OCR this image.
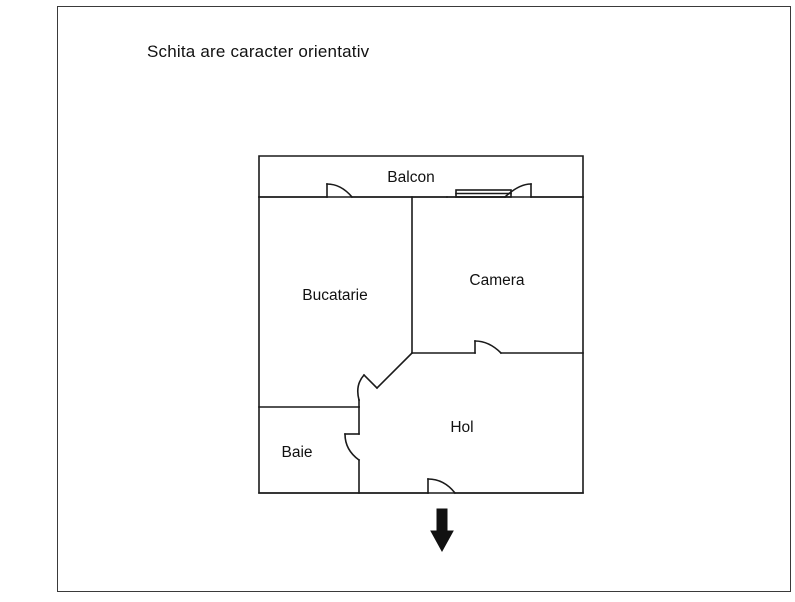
Schita are caracter orientativ
Balcon
Camera
Bucatarie
Hol
Baie
